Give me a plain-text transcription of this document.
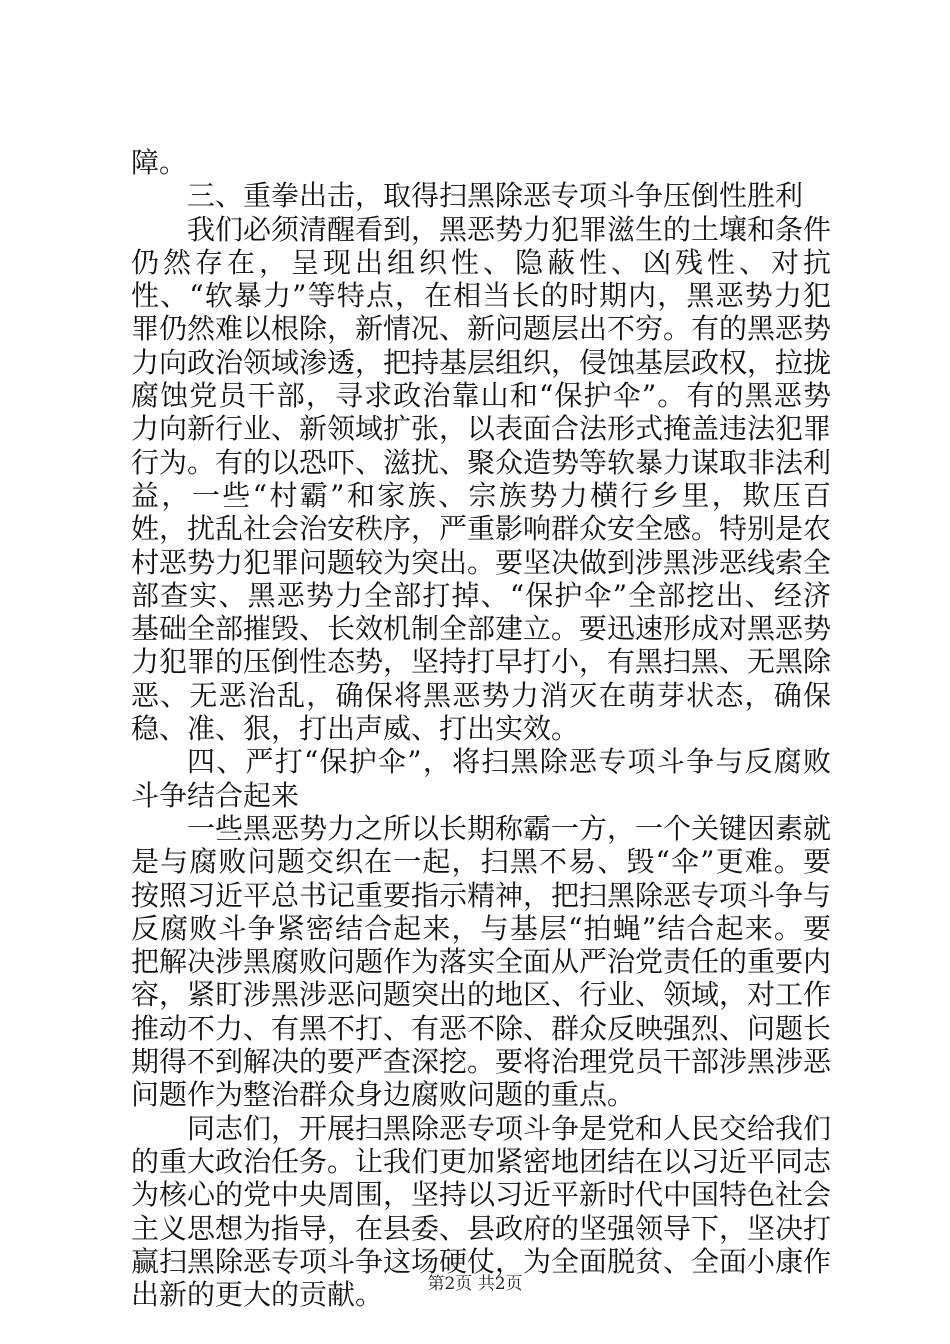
障。

三、重拳出击，取得扫黑除恶专项斗争压倒性胜利

我们必须清醒看到，黑恶势力犯罪滋生的土壤和条件仍然存在，呈现出组织性、隐蔽性、凶残性、对抗性、“软暴力”等特点，在相当长的时期内，黑恶势力犯罪仍然难以根除，新情况、新问题层出不穷。有的黑恶势力向政治领域渗透，把持基层组织，侵蚀基层政权，拉拢腐蚀党员干部，寻求政治靠山和“保护伞”。有的黑恶势力向新行业、新领域扩张，以表面合法形式掩盖违法犯罪行为。有的以恐吓、滋扰、聚众造势等软暴力谋取非法利益，一些“村霸”和家族、宗族势力横行乡里，欺压百姓，扰乱社会治安秩序，严重影响群众安全感。特别是农村恶势力犯罪问题较为突出。要坚决做到涉黑涉恶线索全部查实、黑恶势力全部打掉、“保护伞”全部挖出、经济基础全部摧毁、长效机制全部建立。要迅速形成对黑恶势力犯罪的压倒性态势，坚持打早打小，有黑扫黑、无黑除恶、无恶治乱，确保将黑恶势力消灭在萌芽状态，确保稳、准、狠，打出声威、打出实效。

四、严打“保护伞”，将扫黑除恶专项斗争与反腐败斗争结合起来

一些黑恶势力之所以长期称霸一方，一个关键因素就是与腐败问题交织在一起，扫黑不易、毁“伞”更难。要按照习近平总书记重要指示精神，把扫黑除恶专项斗争与反腐败斗争紧密结合起来，与基层“拍蝇”结合起来。要把解决涉黑腐败问题作为落实全面从严治党责任的重要内容，紧盯涉黑涉恶问题突出的地区、行业、领域，对工作推动不力、有黑不打、有恶不除、群众反映强烈、问题长期得不到解决的要严查深挖。要将治理党员干部涉黑涉恶问题作为整治群众身边腐败问题的重点。

同志们，开展扫黑除恶专项斗争是党和人民交给我们的重大政治任务。让我们更加紧密地团结在以习近平同志为核心的党中央周围，坚持以习近平新时代中国特色社会主义思想为指导，在县委、县政府的坚强领导下，坚决打赢扫黑除恶专项斗争这场硬仗，为全面脱贫、全面小康作出新的更大的贡献。	第2页 共2页
